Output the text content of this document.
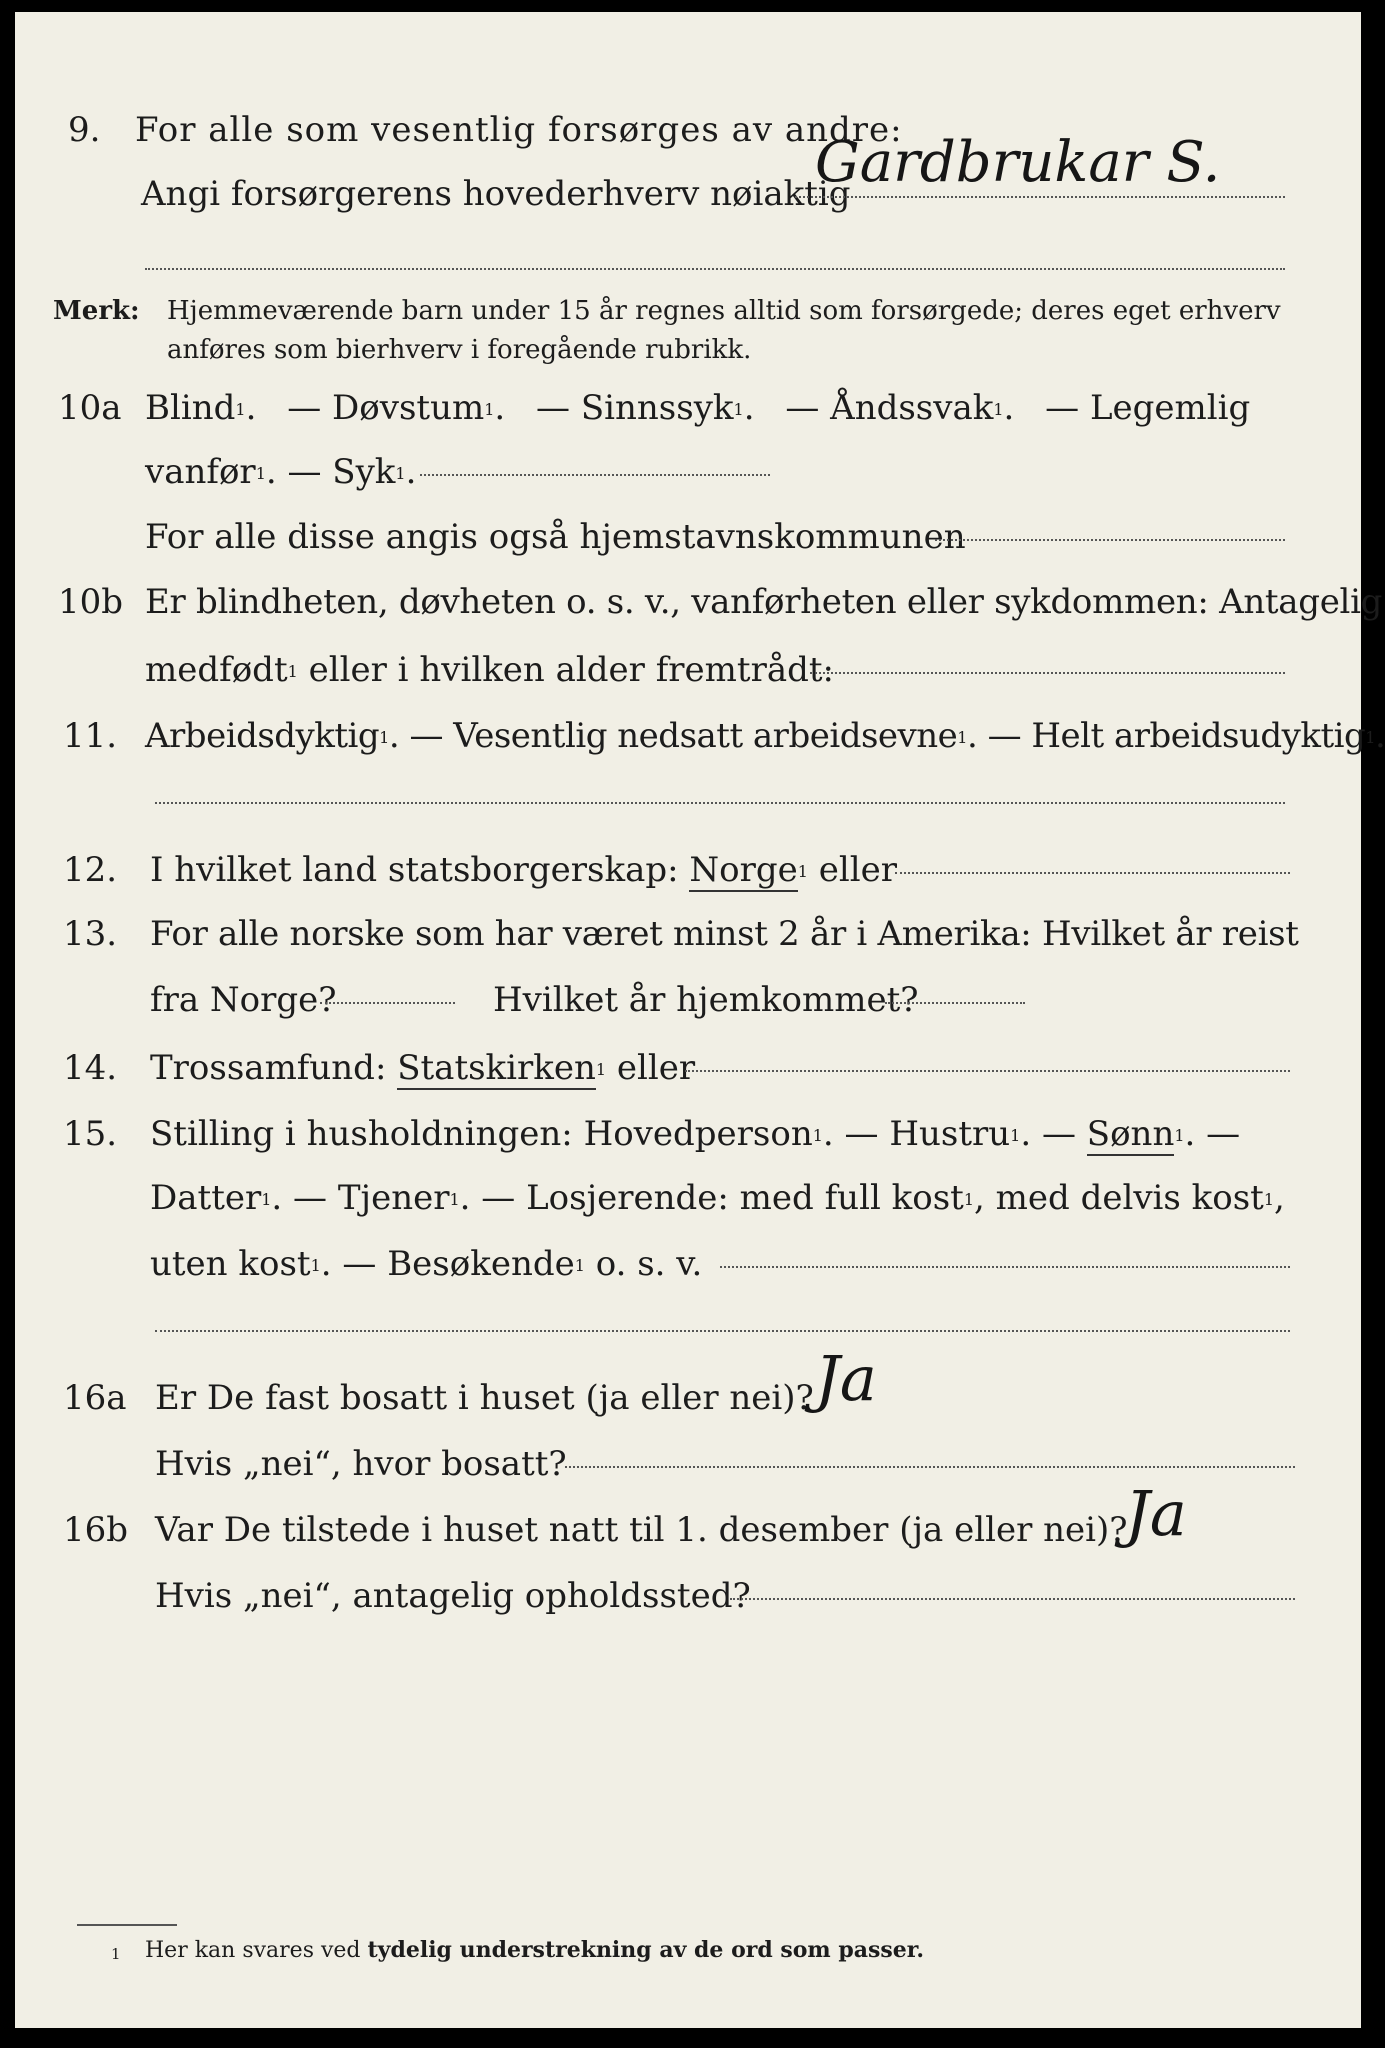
9. For alle som vesentlig forsørges av andre:
Angi forsørgerens hovederhverv nøiaktig
Gardbrukar S.
Merk: Hjemmeværende barn under 15 år regnes alltid som forsørgede; deres eget erhverv
anføres som bierhverv i foregående rubrikk.
10a Blind$^1$. — Døvstum$^1$. — Sinnssyk$^1$. — Åndssvak$^1$. — Legemlig
vanfør$^1$. — Syk$^1$.
For alle disse angis også hjemstavnskommunen
10b Er blindheten, døvheten o. s. v., vanførheten eller sykdommen: Antagelig
medfødt$^1$ eller i hvilken alder fremtrådt:
11. Arbeidsdyktig$^1$. — Vesentlig nedsatt arbeidsevne$^1$. — Helt arbeidsudyktig$^1$.
12. I hvilket land statsborgerskap: Norge$^1$ eller
13. For alle norske som har været minst 2 år i Amerika: Hvilket år reist
fra Norge?	Hvilket år hjemkommet?
14. Trossamfund: Statskirken$^1$ eller
15. Stilling i husholdningen: Hovedperson$^1$. — Hustru$^1$. — Sønn$^1$. —
Datter$^1$. — Tjener$^1$. — Losjerende: med full kost$^1$, med delvis kost$^1$,
uten kost$^1$. — Besøkende$^1$ o. s. v.
16a Er De fast bosatt i huset (ja eller nei)? Ja
Hvis „nei“, hvor bosatt?
16b Var De tilstede i huset natt til 1. desember (ja eller nei)?
Ja
Hvis „nei“, antagelig opholdssted?
1 Her kan svares ved tydelig understrekning av de ord som passer.
